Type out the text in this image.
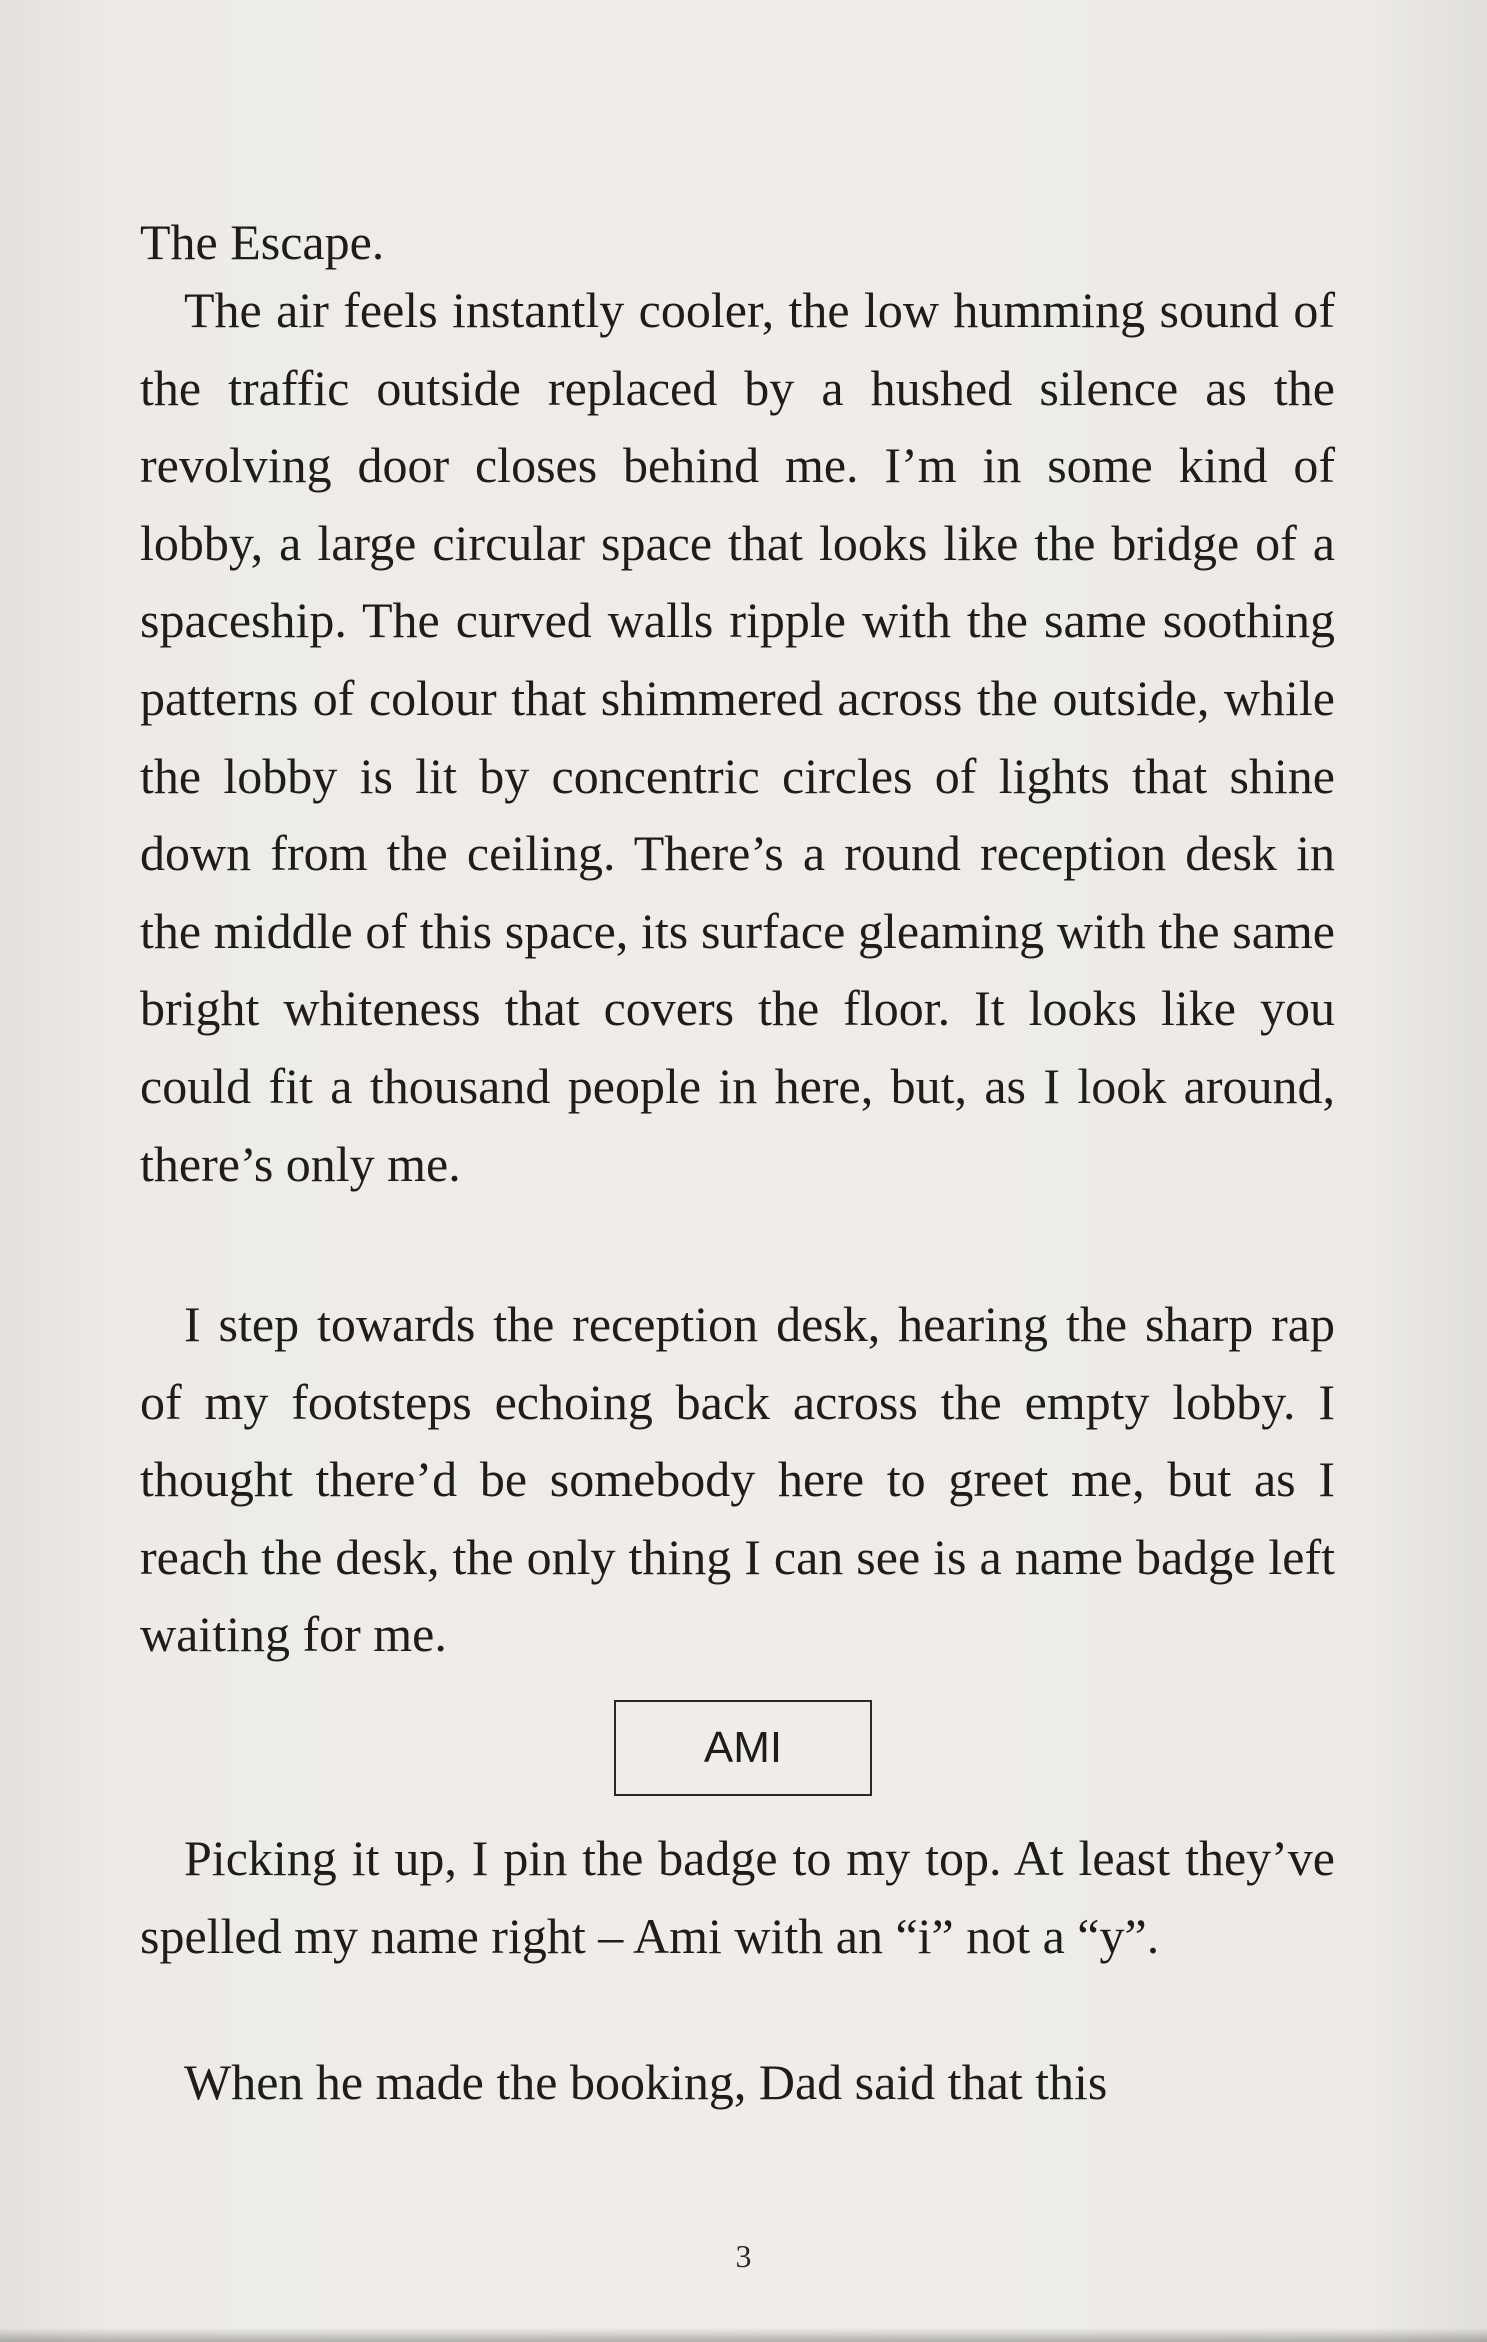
The Escape.

The air feels instantly cooler, the low humming sound of the traffic outside replaced by a hushed silence as the revolving door closes behind me. I’m in some kind of lobby, a large circular space that looks like the bridge of a spaceship. The curved walls ripple with the same soothing patterns of colour that shimmered across the outside, while the lobby is lit by concentric circles of lights that shine down from the ceiling. There’s a round reception desk in the middle of this space, its surface gleaming with the same bright whiteness that covers the floor. It looks like you could fit a thousand people in here, but, as I look around, there’s only me.

I step towards the reception desk, hearing the sharp rap of my footsteps echoing back across the empty lobby. I thought there’d be somebody here to greet me, but as I reach the desk, the only thing I can see is a name badge left waiting for me.

AMI

Picking it up, I pin the badge to my top. At least they’ve spelled my name right – Ami with an “i” not a “y”.

When he made the booking, Dad said that this

3
